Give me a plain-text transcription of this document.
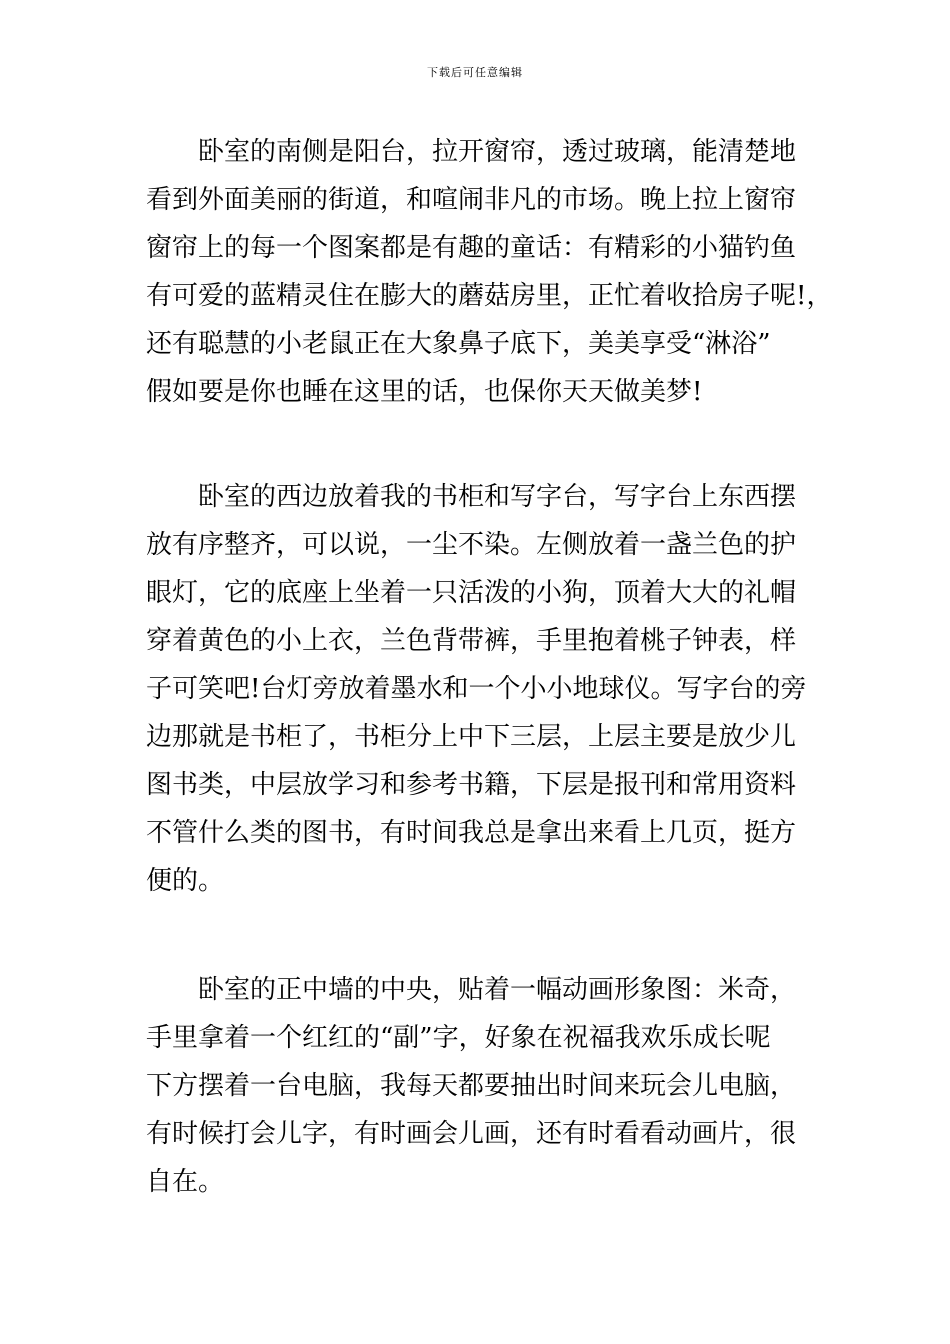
下载后可任意编辑
卧室的南侧是阳台，拉开窗帘，透过玻璃，能清楚地
看到外面美丽的街道，和喧闹非凡的市场。晚上拉上窗帘
窗帘上的每一个图案都是有趣的童话：有精彩的小猫钓鱼
有可爱的蓝精灵住在膨大的蘑菇房里，正忙着收拾房子呢!，
还有聪慧的小老鼠正在大象鼻子底下，美美享受“淋浴”
假如要是你也睡在这里的话，也保你天天做美梦!
卧室的西边放着我的书柜和写字台，写字台上东西摆
放有序整齐，可以说，一尘不染。左侧放着一盏兰色的护
眼灯，它的底座上坐着一只活泼的小狗，顶着大大的礼帽
穿着黄色的小上衣，兰色背带裤，手里抱着桃子钟表，样
子可笑吧!台灯旁放着墨水和一个小小地球仪。写字台的旁
边那就是书柜了，书柜分上中下三层，上层主要是放少儿
图书类，中层放学习和参考书籍，下层是报刊和常用资料
不管什么类的图书，有时间我总是拿出来看上几页，挺方
便的。
卧室的正中墙的中央，贴着一幅动画形象图：米奇，
手里拿着一个红红的“副”字，好象在祝福我欢乐成长呢
下方摆着一台电脑，我每天都要抽出时间来玩会儿电脑，
有时候打会儿字，有时画会儿画，还有时看看动画片，很
自在。
